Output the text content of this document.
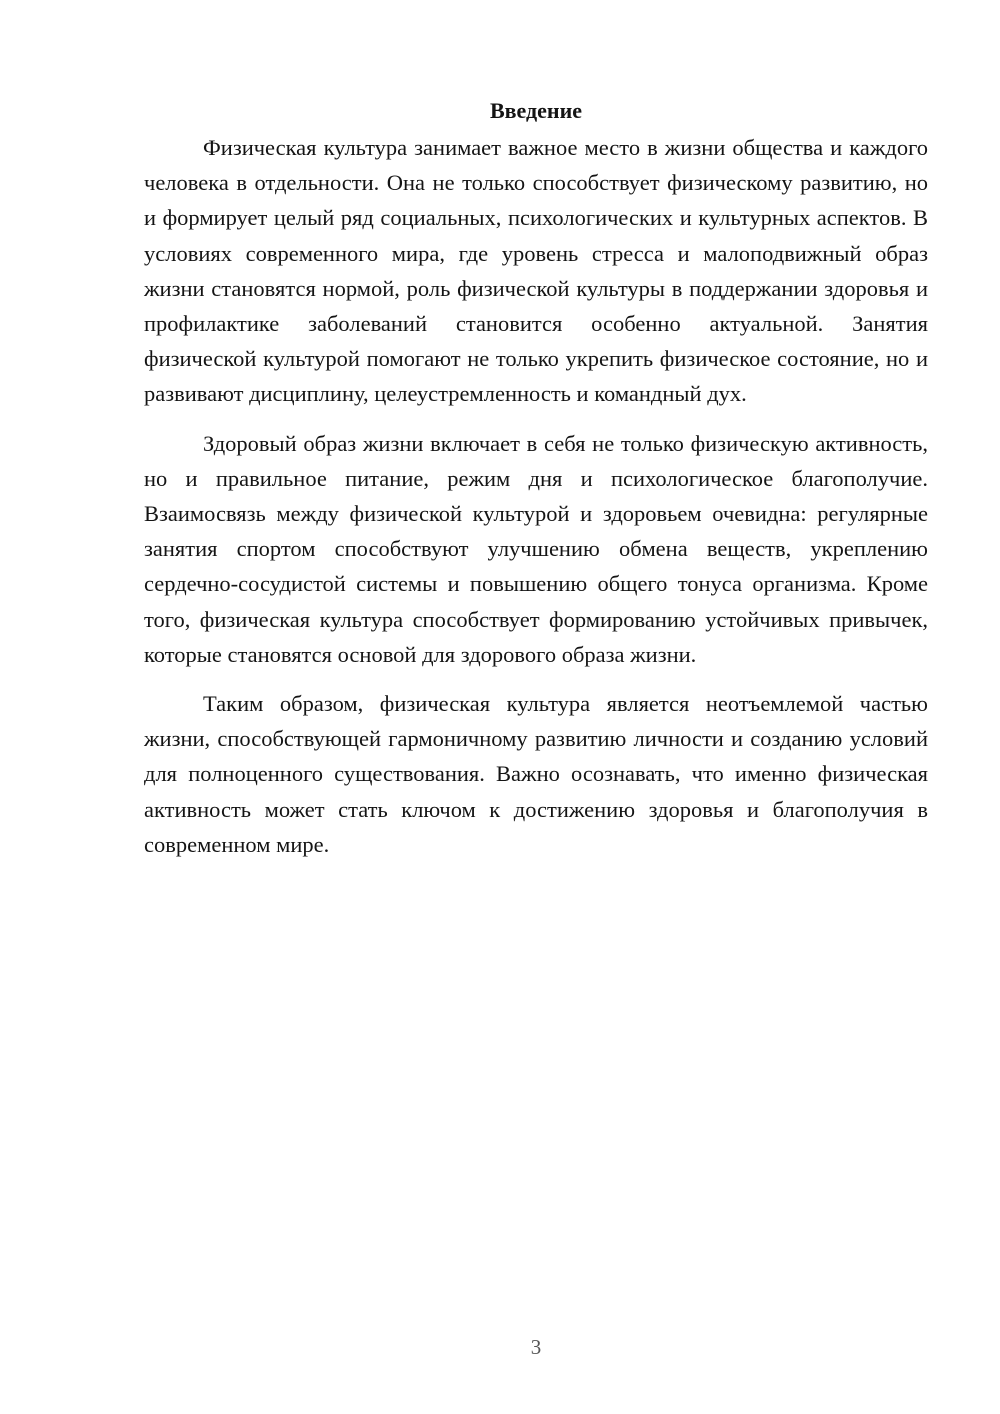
Введение

Физическая культура занимает важное место в жизни общества и каждого человека в отдельности. Она не только способствует физическому развитию, но и формирует целый ряд социальных, психологических и культурных аспектов. В условиях современного мира, где уровень стресса и малоподвижный образ жизни становятся нормой, роль физической культуры в поддержании здоровья и профилактике заболеваний становится особенно актуальной. Занятия физической культурой помогают не только укрепить физическое состояние, но и развивают дисциплину, целеустремленность и командный дух.

Здоровый образ жизни включает в себя не только физическую активность, но и правильное питание, режим дня и психологическое благополучие. Взаимосвязь между физической культурой и здоровьем очевидна: регулярные занятия спортом способствуют улучшению обмена веществ, укреплению сердечно-сосудистой системы и повышению общего тонуса организма. Кроме того, физическая культура способствует формированию устойчивых привычек, которые становятся основой для здорового образа жизни.

Таким образом, физическая культура является неотъемлемой частью жизни, способствующей гармоничному развитию личности и созданию условий для полноценного существования. Важно осознавать, что именно физическая активность может стать ключом к достижению здоровья и благополучия в современном мире.

3
